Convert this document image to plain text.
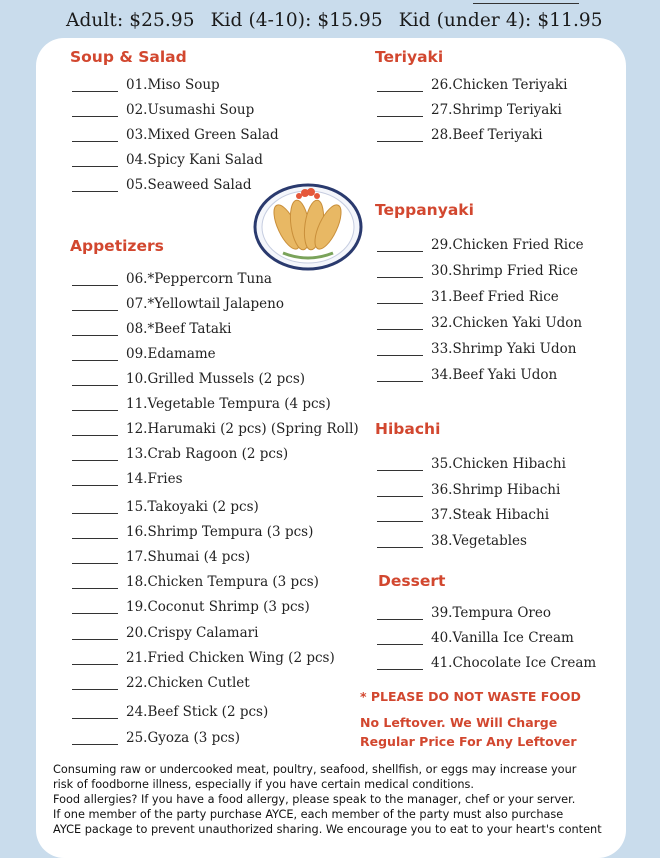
Adult: $25.95 Kid (4-10): $15.95 Kid (under 4): $11.95
Soup & Salad
Appetizers
Teriyaki
Teppanyaki
Hibachi
Dessert
01.Miso Soup
02.Usumashi Soup
03.Mixed Green Salad
04.Spicy Kani Salad
05.Seaweed Salad
06.*Peppercorn Tuna
07.*Yellowtail Jalapeno
08.*Beef Tataki
09.Edamame
10.Grilled Mussels (2 pcs)
11.Vegetable Tempura (4 pcs)
12.Harumaki (2 pcs) (Spring Roll)
13.Crab Ragoon (2 pcs)
14.Fries
15.Takoyaki (2 pcs)
16.Shrimp Tempura (3 pcs)
17.Shumai (4 pcs)
18.Chicken Tempura (3 pcs)
19.Coconut Shrimp (3 pcs)
20.Crispy Calamari
21.Fried Chicken Wing (2 pcs)
22.Chicken Cutlet
24.Beef Stick (2 pcs)
25.Gyoza (3 pcs)
26.Chicken Teriyaki
27.Shrimp Teriyaki
28.Beef Teriyaki
29.Chicken Fried Rice
30.Shrimp Fried Rice
31.Beef Fried Rice
32.Chicken Yaki Udon
33.Shrimp Yaki Udon
34.Beef Yaki Udon
35.Chicken Hibachi
36.Shrimp Hibachi
37.Steak Hibachi
38.Vegetables
39.Tempura Oreo
40.Vanilla Ice Cream
41.Chocolate Ice Cream
* PLEASE DO NOT WASTE FOOD
No Leftover. We Will Charge
Regular Price For Any Leftover
Consuming raw or undercooked meat, poultry, seafood, shellfish, or eggs may increase your
risk of foodborne illness, especially if you have certain medical conditions.
Food allergies? If you have a food allergy, please speak to the manager, chef or your server.
If one member of the party purchase AYCE, each member of the party must also purchase
AYCE package to prevent unauthorized sharing. We encourage you to eat to your heart's content
